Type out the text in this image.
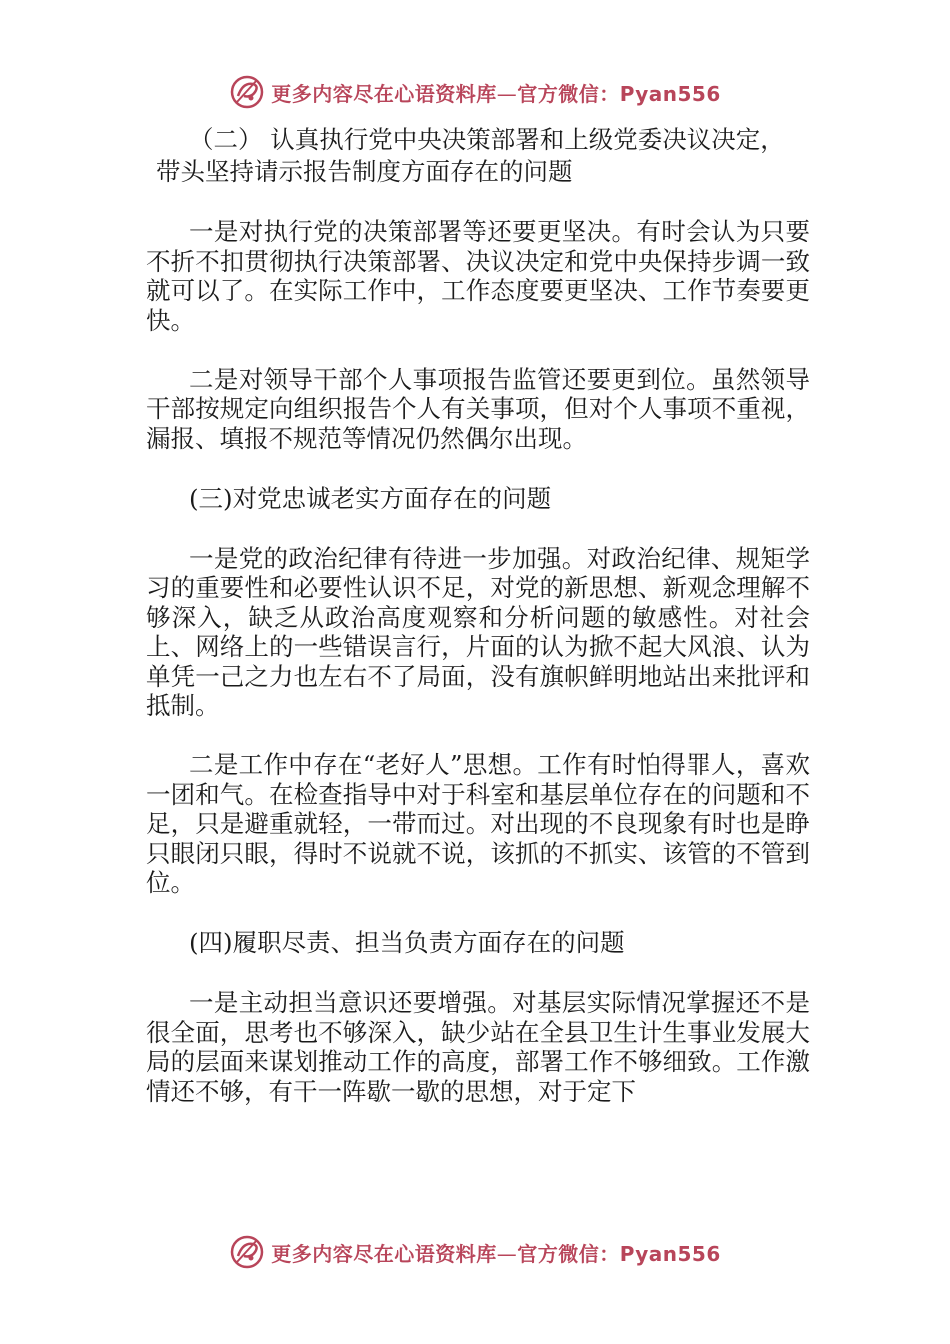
更多内容尽在心语资料库—官方微信：Pyan556

（二） 认真执行党中央决策部署和上级党委决议决定，
带头坚持请示报告制度方面存在的问题

一是对执行党的决策部署等还要更坚决。有时会认为只要不折不扣贯彻执行决策部署、决议决定和党中央保持步调一致就可以了。在实际工作中，工作态度要更坚决、工作节奏要更快。

二是对领导干部个人事项报告监管还要更到位。虽然领导干部按规定向组织报告个人有关事项，但对个人事项不重视，漏报、填报不规范等情况仍然偶尔出现。

(三)对党忠诚老实方面存在的问题

一是党的政治纪律有待进一步加强。对政治纪律、规矩学习的重要性和必要性认识不足，对党的新思想、新观念理解不够深入，缺乏从政治高度观察和分析问题的敏感性。对社会上、网络上的一些错误言行，片面的认为掀不起大风浪、认为单凭一己之力也左右不了局面，没有旗帜鲜明地站出来批评和抵制。

二是工作中存在“老好人”思想。工作有时怕得罪人，喜欢一团和气。在检查指导中对于科室和基层单位存在的问题和不足，只是避重就轻，一带而过。对出现的不良现象有时也是睁只眼闭只眼，得时不说就不说，该抓的不抓实、该管的不管到位。

(四)履职尽责、担当负责方面存在的问题

一是主动担当意识还要增强。对基层实际情况掌握还不是很全面，思考也不够深入，缺少站在全县卫生计生事业发展大局的层面来谋划推动工作的高度，部署工作不够细致。工作激情还不够，有干一阵歇一歇的思想，对于定下

更多内容尽在心语资料库—官方微信：Pyan556
